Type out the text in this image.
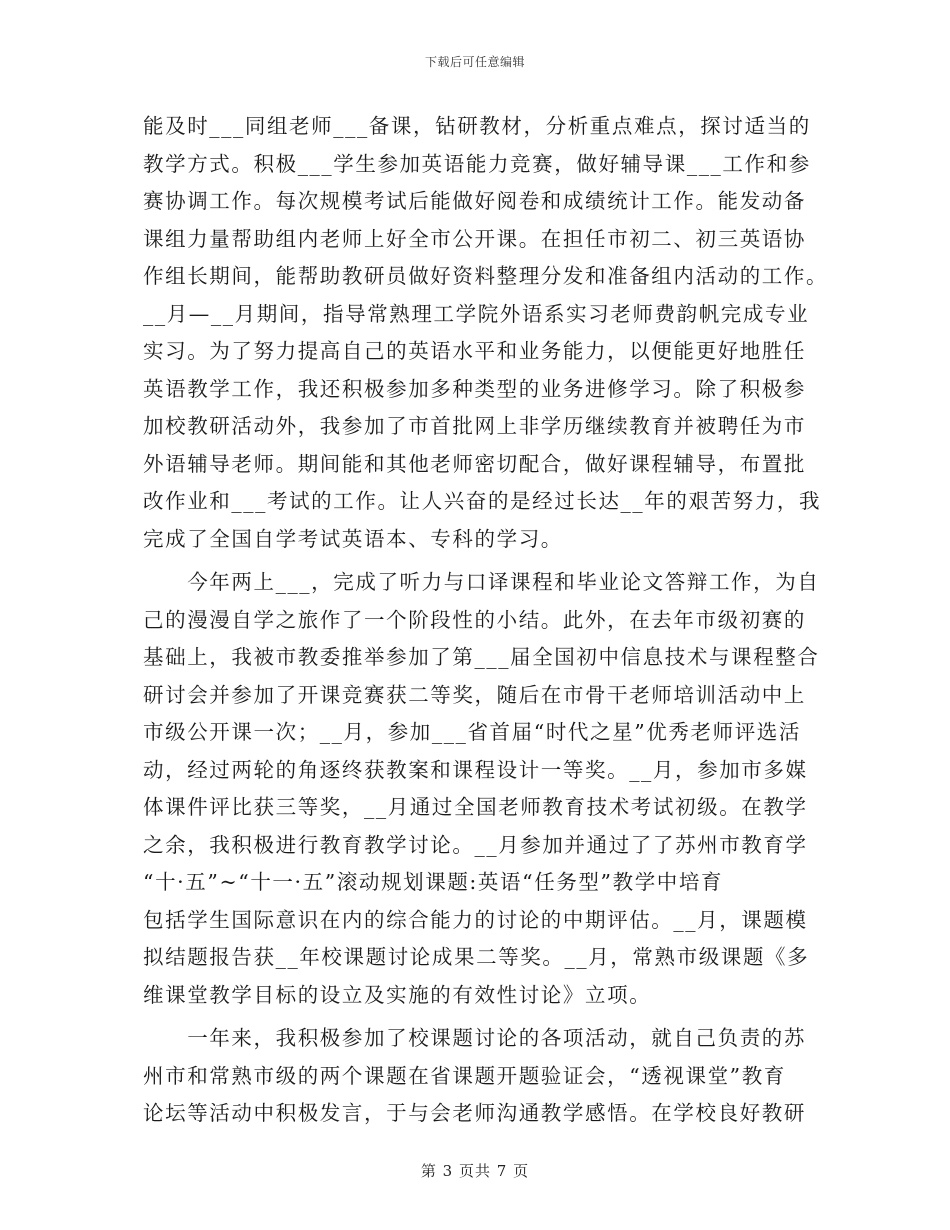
下载后可任意编辑
能及时___同组老师___备课，钻研教材，分析重点难点，探讨适当的
教学方式。积极___学生参加英语能力竞赛，做好辅导课___工作和参
赛协调工作。每次规模考试后能做好阅卷和成绩统计工作。能发动备
课组力量帮助组内老师上好全市公开课。在担任市初二、初三英语协
作组长期间，能帮助教研员做好资料整理分发和准备组内活动的工作。
__月—__月期间，指导常熟理工学院外语系实习老师费韵帆完成专业
实习。为了努力提高自己的英语水平和业务能力，以便能更好地胜任
英语教学工作，我还积极参加多种类型的业务进修学习。除了积极参
加校教研活动外，我参加了市首批网上非学历继续教育并被聘任为市
外语辅导老师。期间能和其他老师密切配合，做好课程辅导，布置批
改作业和___考试的工作。让人兴奋的是经过长达__年的艰苦努力，我
完成了全国自学考试英语本、专科的学习。
　　今年两上___，完成了听力与口译课程和毕业论文答辩工作，为自
己的漫漫自学之旅作了一个阶段性的小结。此外，在去年市级初赛的
基础上，我被市教委推举参加了第___届全国初中信息技术与课程整合
研讨会并参加了开课竞赛获二等奖，随后在市骨干老师培训活动中上
市级公开课一次；__月，参加___省首届“时代之星”优秀老师评选活
动，经过两轮的角逐终获教案和课程设计一等奖。__月，参加市多媒
体课件评比获三等奖，__月通过全国老师教育技术考试初级。在教学
之余，我积极进行教育教学讨论。__月参加并通过了了苏州市教育学
“十·五”~“十一·五”滚动规划课题:英语“任务型”教学中培育
包括学生国际意识在内的综合能力的讨论的中期评估。__月，课题模
拟结题报告获__年校课题讨论成果二等奖。__月，常熟市级课题《多
维课堂教学目标的设立及实施的有效性讨论》立项。
　　一年来，我积极参加了校课题讨论的各项活动，就自己负责的苏
州市和常熟市级的两个课题在省课题开题验证会，“透视课堂”教育
论坛等活动中积极发言，于与会老师沟通教学感悟。在学校良好教研
第 3 页共 7 页
